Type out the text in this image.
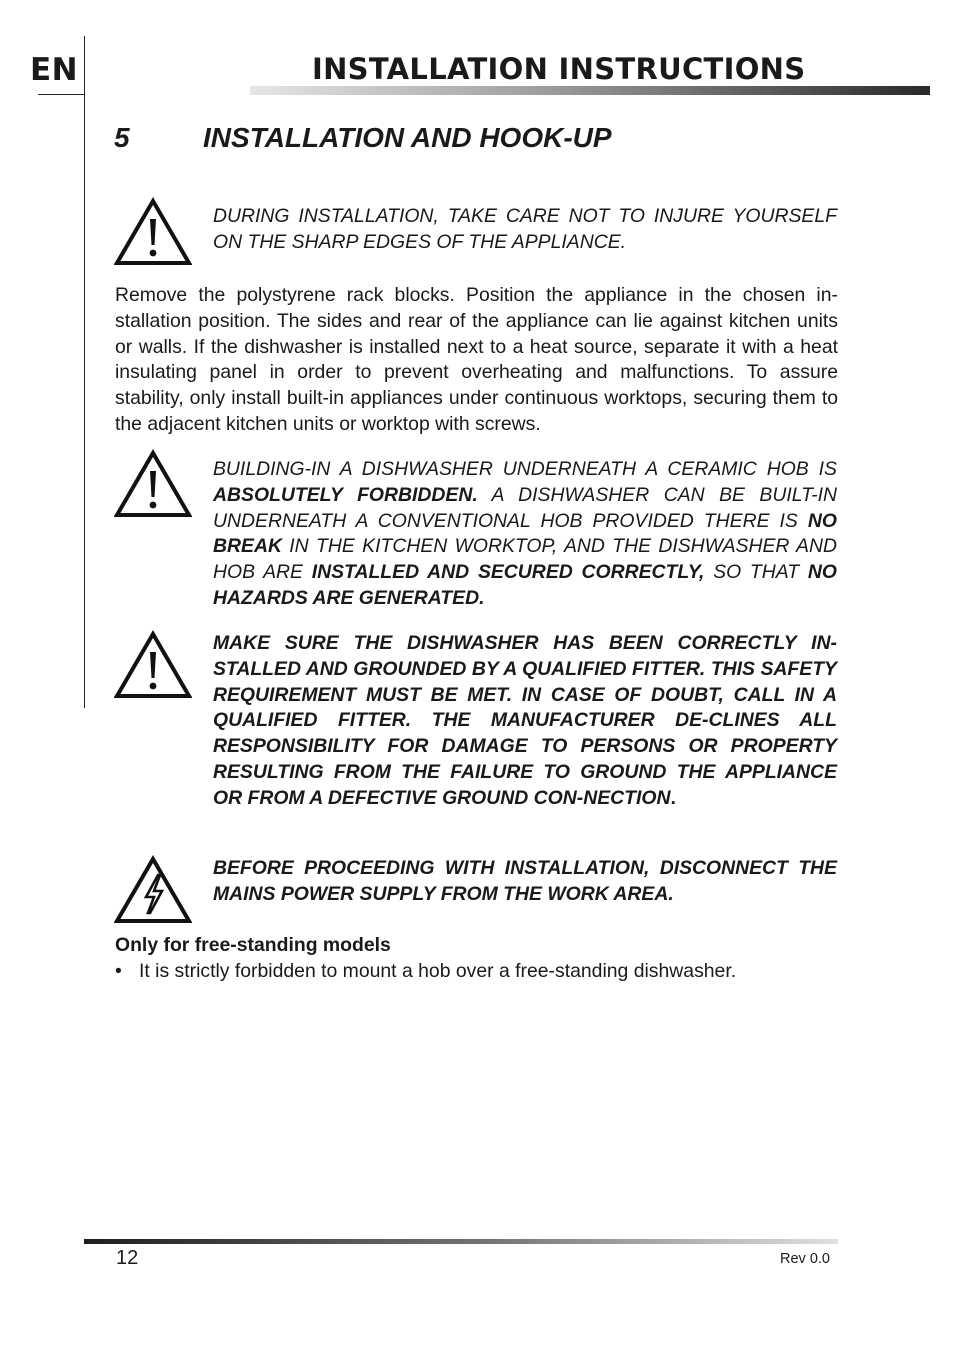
EN	INSTALLATION INSTRUCTIONS
5	INSTALLATION AND HOOK-UP
DURING INSTALLATION, TAKE CARE NOT TO INJURE YOURSELF ON THE SHARP EDGES OF THE APPLIANCE.
Remove the polystyrene rack blocks. Position the appliance in the chosen in-stallation position. The sides and rear of the appliance can lie against kitchen units or walls. If the dishwasher is installed next to a heat source, separate it with a heat insulating panel in order to prevent overheating and malfunctions. To assure stability, only install built-in appliances under continuous worktops, securing them to the adjacent kitchen units or worktop with screws.
BUILDING-IN A DISHWASHER UNDERNEATH A CERAMIC HOB IS ABSOLUTELY FORBIDDEN. A DISHWASHER CAN BE BUILT-IN UNDERNEATH A CONVENTIONAL HOB PROVIDED THERE IS NO BREAK IN THE KITCHEN WORKTOP, AND THE DISHWASHER AND HOB ARE INSTALLED AND SECURED CORRECTLY, SO THAT NO HAZARDS ARE GENERATED.
MAKE SURE THE DISHWASHER HAS BEEN CORRECTLY IN-STALLED AND GROUNDED BY A QUALIFIED FITTER. THIS SAFETY REQUIREMENT MUST BE MET. IN CASE OF DOUBT, CALL IN A QUALIFIED FITTER. THE MANUFACTURER DE-CLINES ALL RESPONSIBILITY FOR DAMAGE TO PERSONS OR PROPERTY RESULTING FROM THE FAILURE TO GROUND THE APPLIANCE OR FROM A DEFECTIVE GROUND CON-NECTION.
BEFORE PROCEEDING WITH INSTALLATION, DISCONNECT THE MAINS POWER SUPPLY FROM THE WORK AREA.
Only for free-standing models
• It is strictly forbidden to mount a hob over a free-standing dishwasher.
12	Rev 0.0
